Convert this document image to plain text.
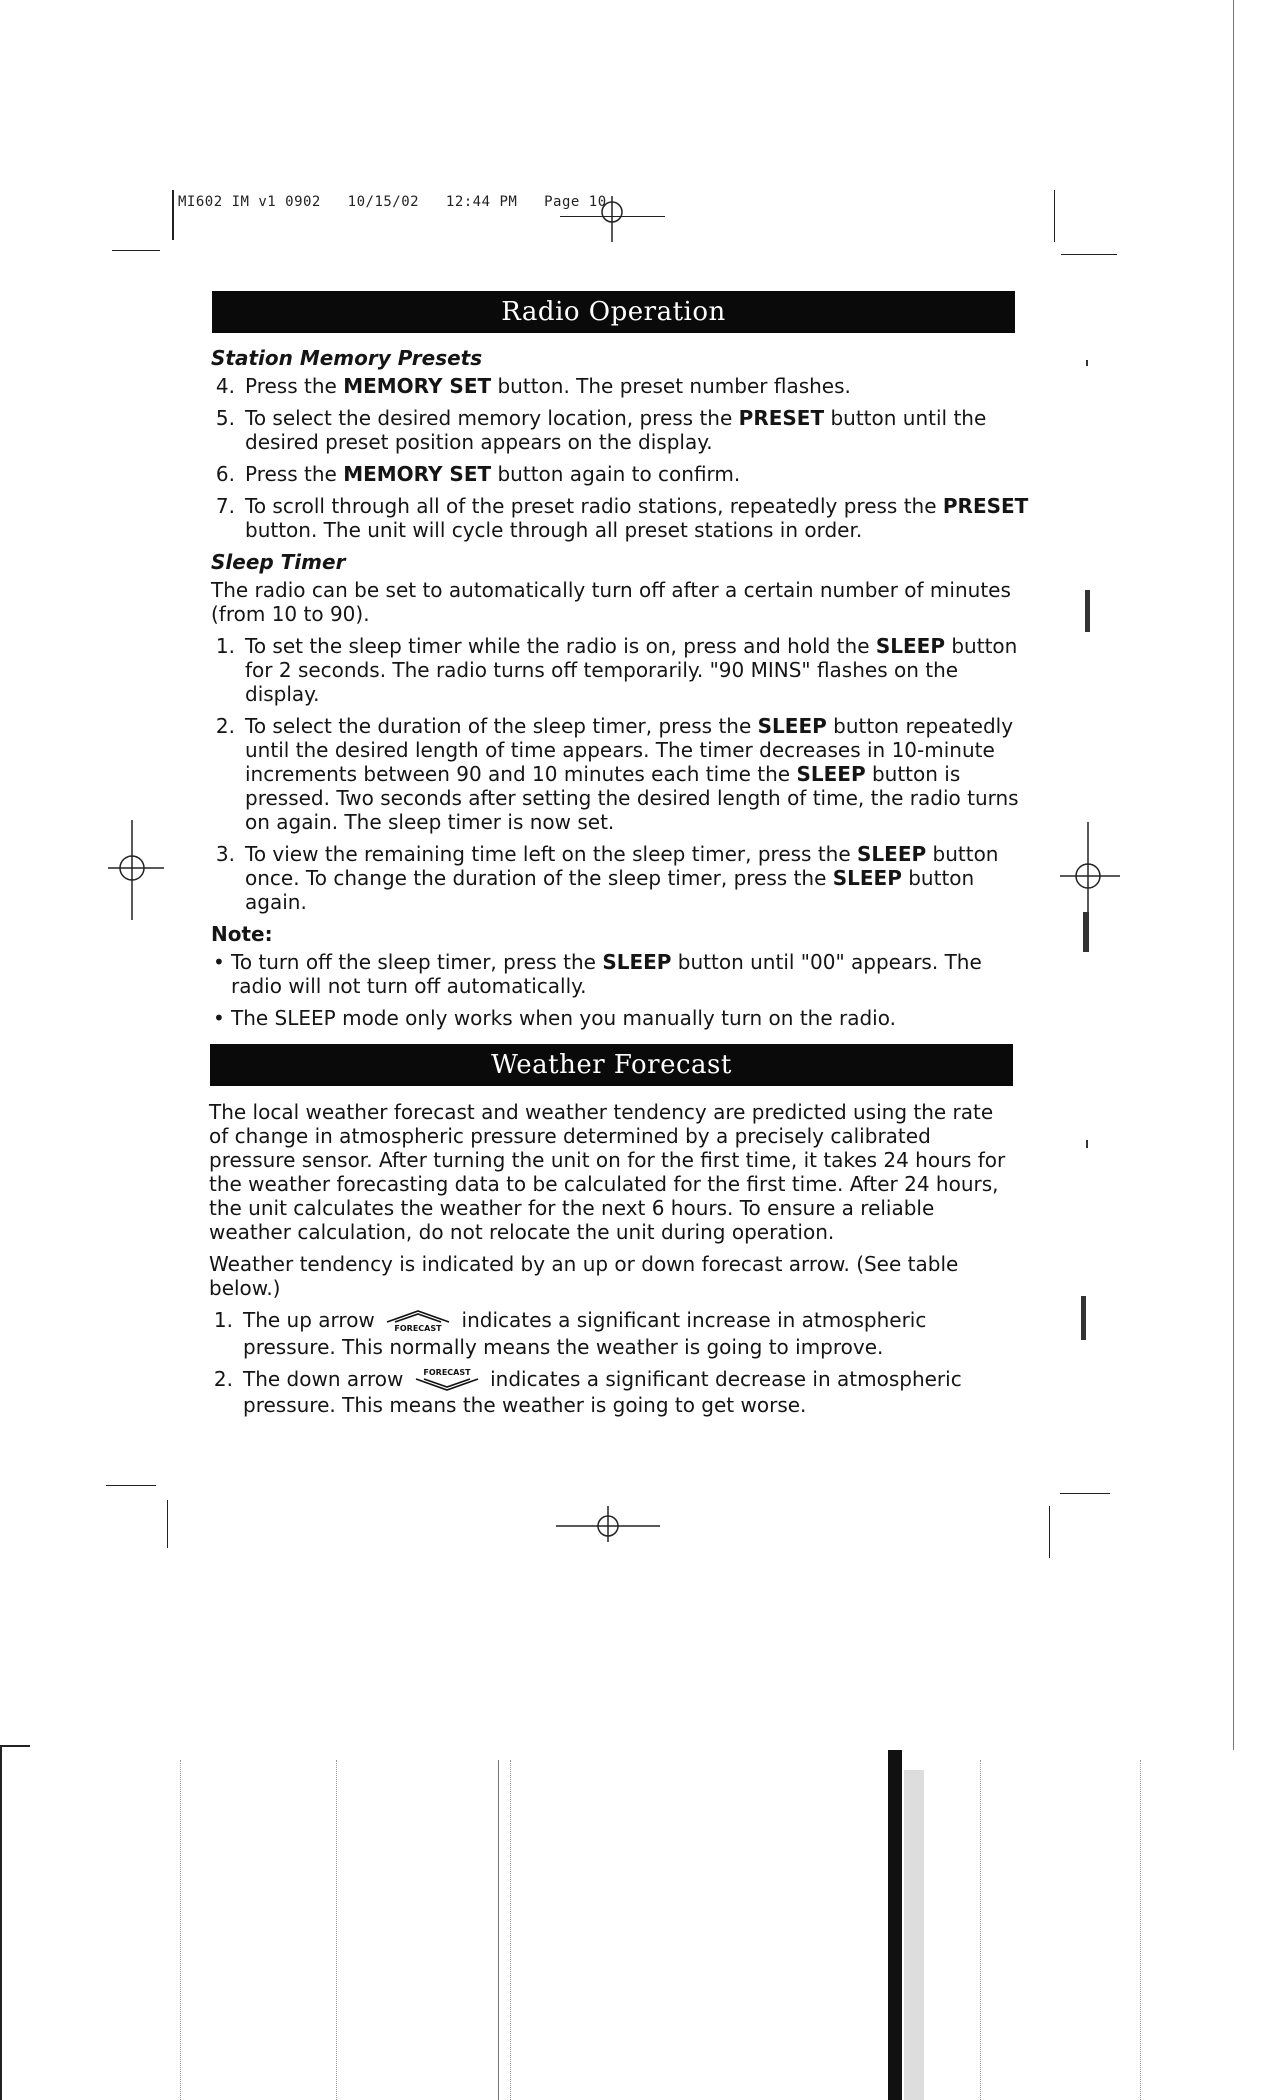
MI602 IM v1 0902 10/15/02 12:44 PM Page 10
Radio Operation
Station Memory Presets
4. Press the MEMORY SET button. The preset number flashes.
5. To select the desired memory location, press the PRESET button until the desired preset position appears on the display.
6. Press the MEMORY SET button again to confirm.
7. To scroll through all of the preset radio stations, repeatedly press the PRESET button. The unit will cycle through all preset stations in order.
Sleep Timer

The radio can be set to automatically turn off after a certain number of minutes (from 10 to 90).

1. To set the sleep timer while the radio is on, press and hold the SLEEP button for 2 seconds. The radio turns off temporarily. "90 MINS" flashes on the display.
2. To select the duration of the sleep timer, press the SLEEP button repeatedly until the desired length of time appears. The timer decreases in 10-minute increments between 90 and 10 minutes each time the SLEEP button is pressed. Two seconds after setting the desired length of time, the radio turns on again. The sleep timer is now set.
3. To view the remaining time left on the sleep timer, press the SLEEP button once. To change the duration of the sleep timer, press the SLEEP button again.
Note:
• To turn off the sleep timer, press the SLEEP button until "00" appears. The radio will not turn off automatically.
• The SLEEP mode only works when you manually turn on the radio.
Weather Forecast

The local weather forecast and weather tendency are predicted using the rate of change in atmospheric pressure determined by a precisely calibrated pressure sensor. After turning the unit on for the first time, it takes 24 hours for the weather forecasting data to be calculated for the first time. After 24 hours, the unit calculates the weather for the next 6 hours. To ensure a reliable weather calculation, do not relocate the unit during operation.

Weather tendency is indicated by an up or down forecast arrow. (See table below.)

1. The up arrow FORECAST indicates a significant increase in atmospheric pressure. This normally means the weather is going to improve.
2. The down arrow FORECAST indicates a significant decrease in atmospheric pressure. This means the weather is going to get worse.
